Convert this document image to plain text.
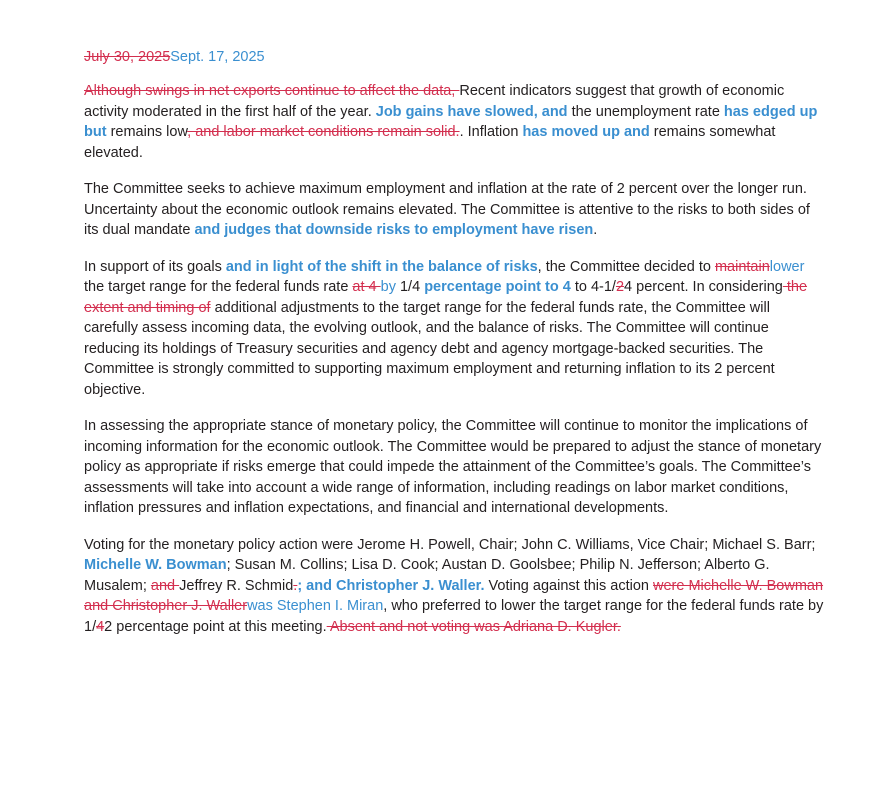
July 30, 2025Sept. 17, 2025

Although swings in net exports continue to affect the data, Recent indicators suggest that growth of economic activity moderated in the first half of the year. Job gains have slowed, and the unemployment rate has edged up but remains low, and labor market conditions remain solid.. Inflation has moved up and remains somewhat elevated.

The Committee seeks to achieve maximum employment and inflation at the rate of 2 percent over the longer run. Uncertainty about the economic outlook remains elevated. The Committee is attentive to the risks to both sides of its dual mandate and judges that downside risks to employment have risen.

In support of its goals and in light of the shift in the balance of risks, the Committee decided to maintainlower the target range for the federal funds rate at 4 by 1/4 percentage point to 4 to 4-1/24 percent. In considering the extent and timing of additional adjustments to the target range for the federal funds rate, the Committee will carefully assess incoming data, the evolving outlook, and the balance of risks. The Committee will continue reducing its holdings of Treasury securities and agency debt and agency mortgage-backed securities. The Committee is strongly committed to supporting maximum employment and returning inflation to its 2 percent objective.

In assessing the appropriate stance of monetary policy, the Committee will continue to monitor the implications of incoming information for the economic outlook. The Committee would be prepared to adjust the stance of monetary policy as appropriate if risks emerge that could impede the attainment of the Committee’s goals. The Committee’s assessments will take into account a wide range of information, including readings on labor market conditions, inflation pressures and inflation expectations, and financial and international developments.

Voting for the monetary policy action were Jerome H. Powell, Chair; John C. Williams, Vice Chair; Michael S. Barr; Michelle W. Bowman; Susan M. Collins; Lisa D. Cook; Austan D. Goolsbee; Philip N. Jefferson; Alberto G. Musalem; and Jeffrey R. Schmid.; and Christopher J. Waller. Voting against this action were Michelle W. Bowman and Christopher J. Wallerwas Stephen I. Miran, who preferred to lower the target range for the federal funds rate by 1/42 percentage point at this meeting. Absent and not voting was Adriana D. Kugler.
